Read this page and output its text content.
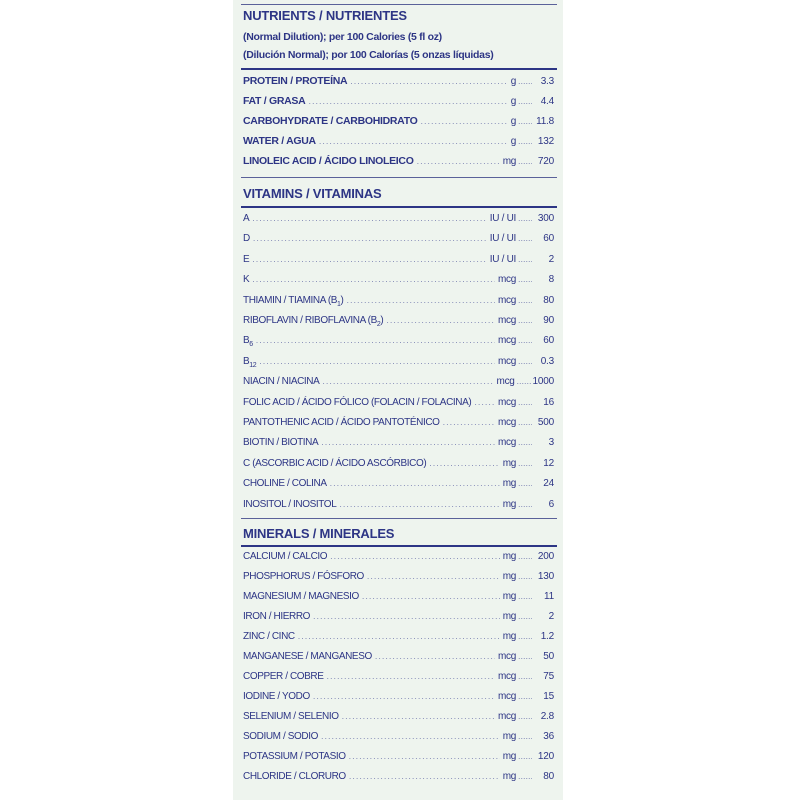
NUTRIENTS / NUTRIENTES
(Normal Dilution); per 100 Calories (5 fl oz)
(Dilución Normal); por 100 Calorías (5 onzas líquidas)
PROTEIN / PROTEÍNA .....	g .....	3.3
FAT / GRASA .....	g .....	4.4
CARBOHYDRATE / CARBOHIDRATO .....	g ..... 11.8
WATER / AGUA .....	g .....	132
LINOLEIC ACID / ÁCIDO LINOLEICO .....	mg .....	720
VITAMINS / VITAMINAS
A .....	IU / UI .....	300
D .....	IU / UI .....	60
E .....	IU / UI .....	2
K .....	mcg .....	8
THIAMIN / TIAMINA $(B_1)$ .....	mcg .....	80
RIBOFLAVIN / RIBOFLAVINA $(B_2)$ .....	mcg .....	90
$B_6$ .....	mcg .....	60
$B_{12}$ .....	mcg .....	0.3
NIACIN / NIACINA .....	mcg ..... 1000
FOLIC ACID / ÁCIDO FÓLICO (FOLACIN / FOLACINA) .....	mcg .....	16
PANTOTHENIC ACID / ÁCIDO PANTOTÉNICO .....	mcg .....	500
BIOTIN / BIOTINA .....	mcg .....	3
C (ASCORBIC ACID / ÁCIDO ASCÓRBICO) .....	mg .....	12
CHOLINE / COLINA .....	mg .....	24
INOSITOL / INOSITOL .....	mg .....	6
MINERALS / MINERALES
CALCIUM / CALCIO .....	mg .....	200
PHOSPHORUS / FÓSFORO .....	mg .....	130
MAGNESIUM / MAGNESIO .....	mg .....	11
IRON / HIERRO .....	mg .....	2
ZINC / CINC .....	mg .....	1.2
MANGANESE / MANGANESO .....	mcg .....	50
COPPER / COBRE .....	mcg .....	75
IODINE / YODO .....	mcg .....	15
SELENIUM / SELENIO .....	mcg .....	2.8
SODIUM / SODIO .....	mg .....	36
POTASSIUM / POTASIO .....	mg .....	120
CHLORIDE / CLORURO .....	mg .....	80
